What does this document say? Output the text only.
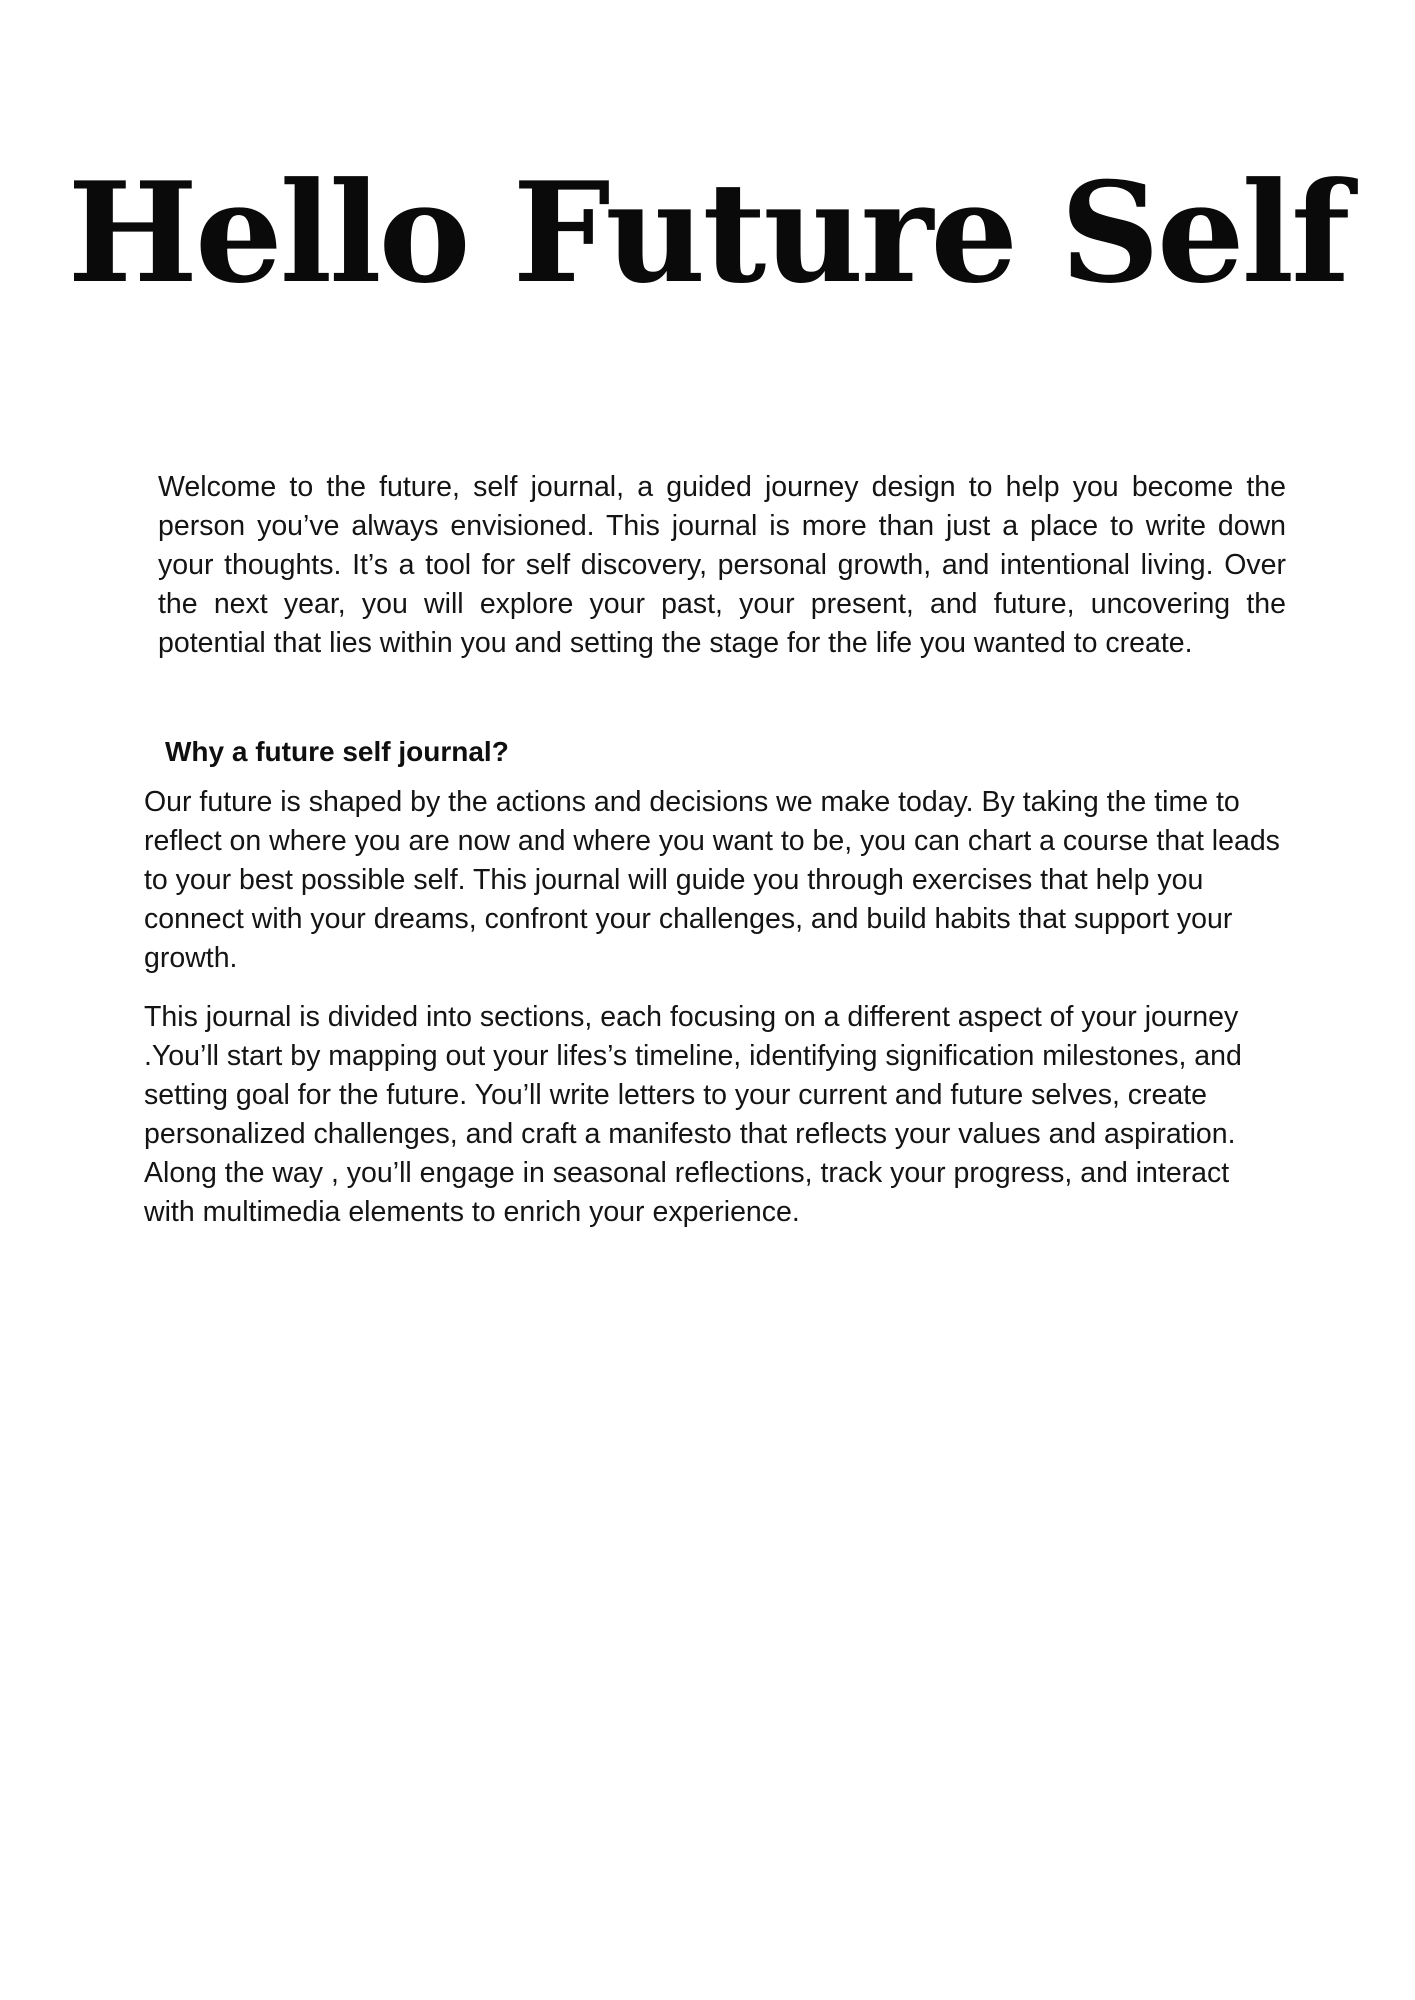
Hello Future Self

Welcome to the future, self journal, a guided journey design to help you become the person you’ve always envisioned. This journal is more than just a place to write down your thoughts. It’s a tool for self discovery, personal growth, and intentional living. Over the next year, you will explore your past, your present, and future, uncovering the potential that lies within you and setting the stage for the life you wanted to create.

Why a future self journal?

Our future is shaped by the actions and decisions we make today. By taking the time to reflect on where you are now and where you want to be, you can chart a course that leads to your best possible self. This journal will guide you through exercises that help you connect with your dreams, confront your challenges, and build habits that support your growth.

This journal is divided into sections, each focusing on a different aspect of your journey .You’ll start by mapping out your lifes’s timeline, identifying signification milestones, and setting goal for the future. You’ll write letters to your current and future selves, create personalized challenges, and craft a manifesto that reflects your values and aspiration. Along the way , you’ll engage in seasonal reflections, track your progress, and interact with multimedia elements to enrich your experience.
